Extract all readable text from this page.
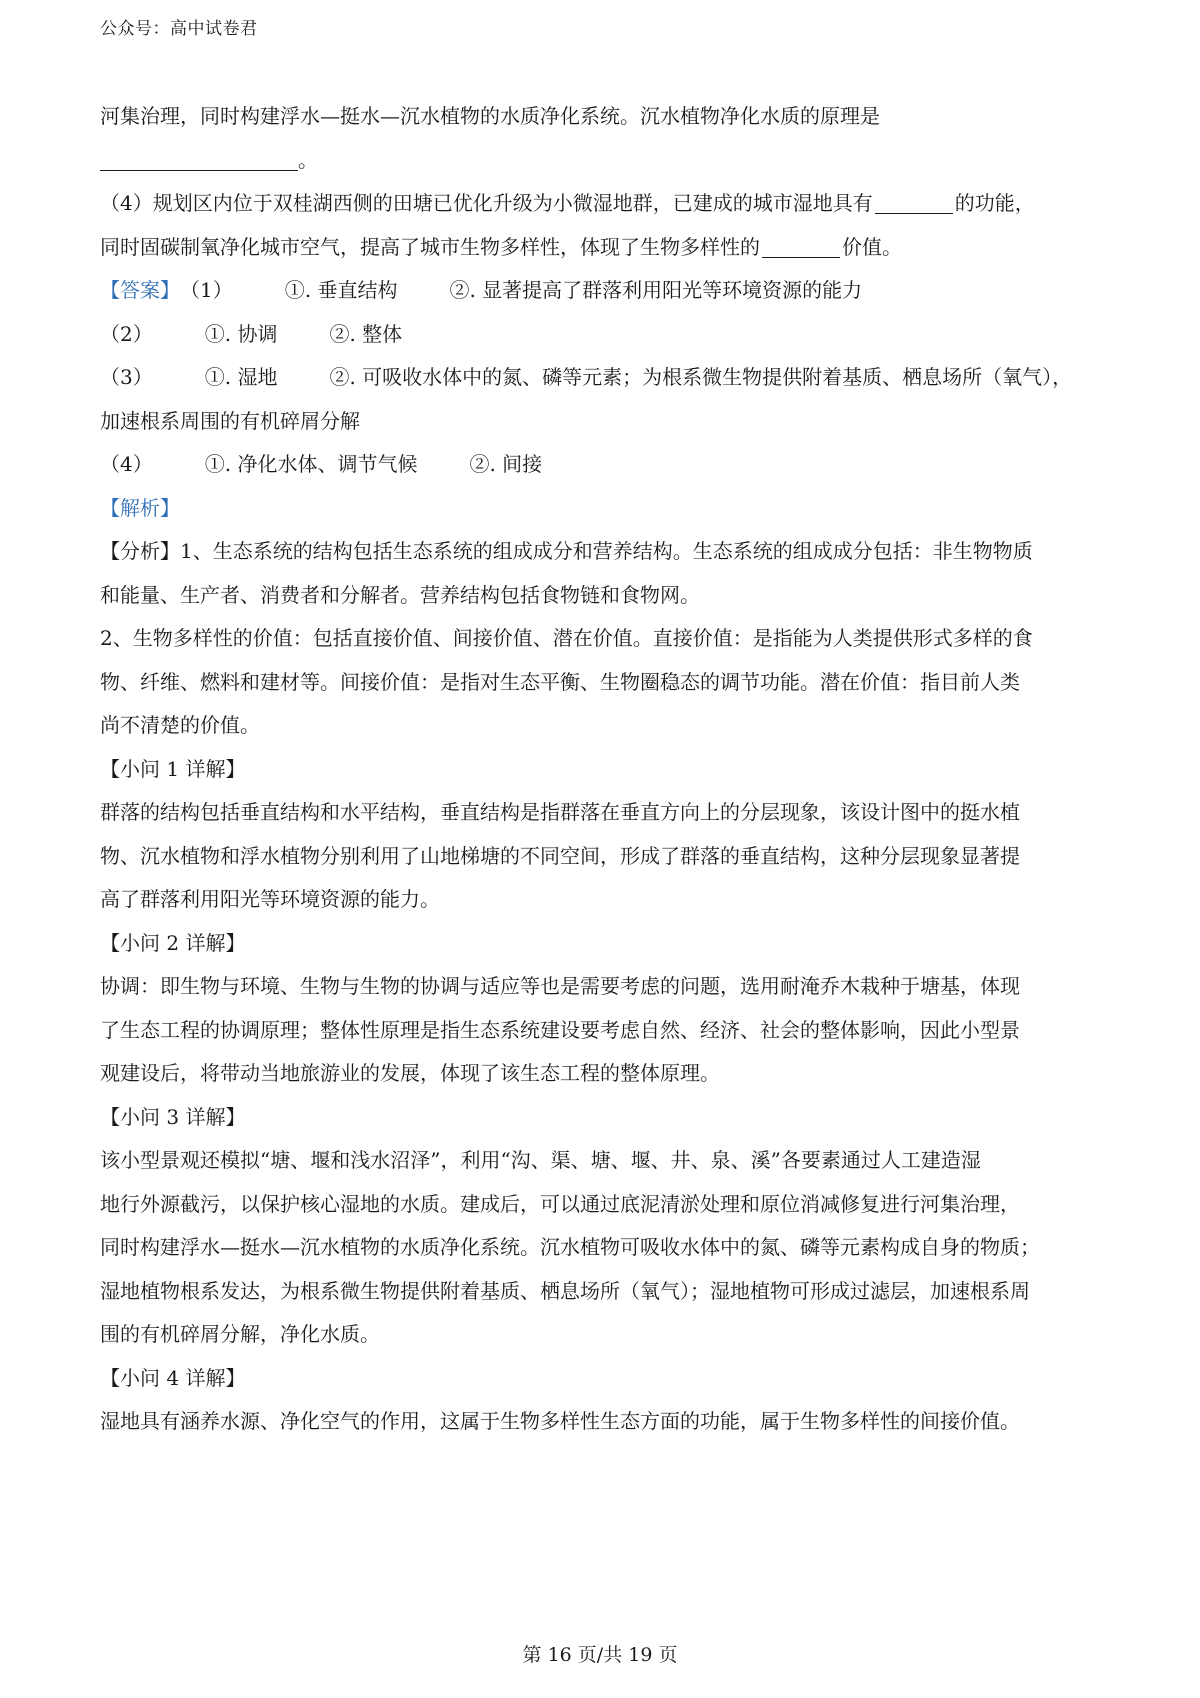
公众号：高中试卷君

河集治理，同时构建浮水—挺水—沉水植物的水质净化系统。沉水植物净化水质的原理是

。

（4）规划区内位于双桂湖西侧的田塘已优化升级为小微湿地群，已建成的城市湿地具有	的功能，

同时固碳制氧净化城市空气，提高了城市生物多样性，体现了生物多样性的	价值。

【答案】（1）	①. 垂直结构	②. 显著提高了群落利用阳光等环境资源的能力

（2）	①. 协调	②. 整体

（3）	①. 湿地	②. 可吸收水体中的氮、磷等元素；为根系微生物提供附着基质、栖息场所（氧气），

加速根系周围的有机碎屑分解

（4）	①. 净化水体、调节气候	②. 间接

【解析】

【分析】1、生态系统的结构包括生态系统的组成成分和营养结构。生态系统的组成成分包括：非生物物质

和能量、生产者、消费者和分解者。营养结构包括食物链和食物网。

2、生物多样性的价值：包括直接价值、间接价值、潜在价值。直接价值：是指能为人类提供形式多样的食

物、纤维、燃料和建材等。间接价值：是指对生态平衡、生物圈稳态的调节功能。潜在价值：指目前人类

尚不清楚的价值。

【小问 1 详解】

群落的结构包括垂直结构和水平结构，垂直结构是指群落在垂直方向上的分层现象，该设计图中的挺水植

物、沉水植物和浮水植物分别利用了山地梯塘的不同空间，形成了群落的垂直结构，这种分层现象显著提

高了群落利用阳光等环境资源的能力。

【小问 2 详解】

协调：即生物与环境、生物与生物的协调与适应等也是需要考虑的问题，选用耐淹乔木栽种于塘基，体现

了生态工程的协调原理；整体性原理是指生态系统建设要考虑自然、经济、社会的整体影响，因此小型景

观建设后，将带动当地旅游业的发展，体现了该生态工程的整体原理。

【小问 3 详解】

该小型景观还模拟“塘、堰和浅水沼泽”，利用“沟、渠、塘、堰、井、泉、溪”各要素通过人工建造湿

地行外源截污，以保护核心湿地的水质。建成后，可以通过底泥清淤处理和原位消减修复进行河集治理，

同时构建浮水—挺水—沉水植物的水质净化系统。沉水植物可吸收水体中的氮、磷等元素构成自身的物质；

湿地植物根系发达，为根系微生物提供附着基质、栖息场所（氧气）；湿地植物可形成过滤层，加速根系周

围的有机碎屑分解，净化水质。

【小问 4 详解】

湿地具有涵养水源、净化空气的作用，这属于生物多样性生态方面的功能，属于生物多样性的间接价值。

第 16 页/共 19 页
